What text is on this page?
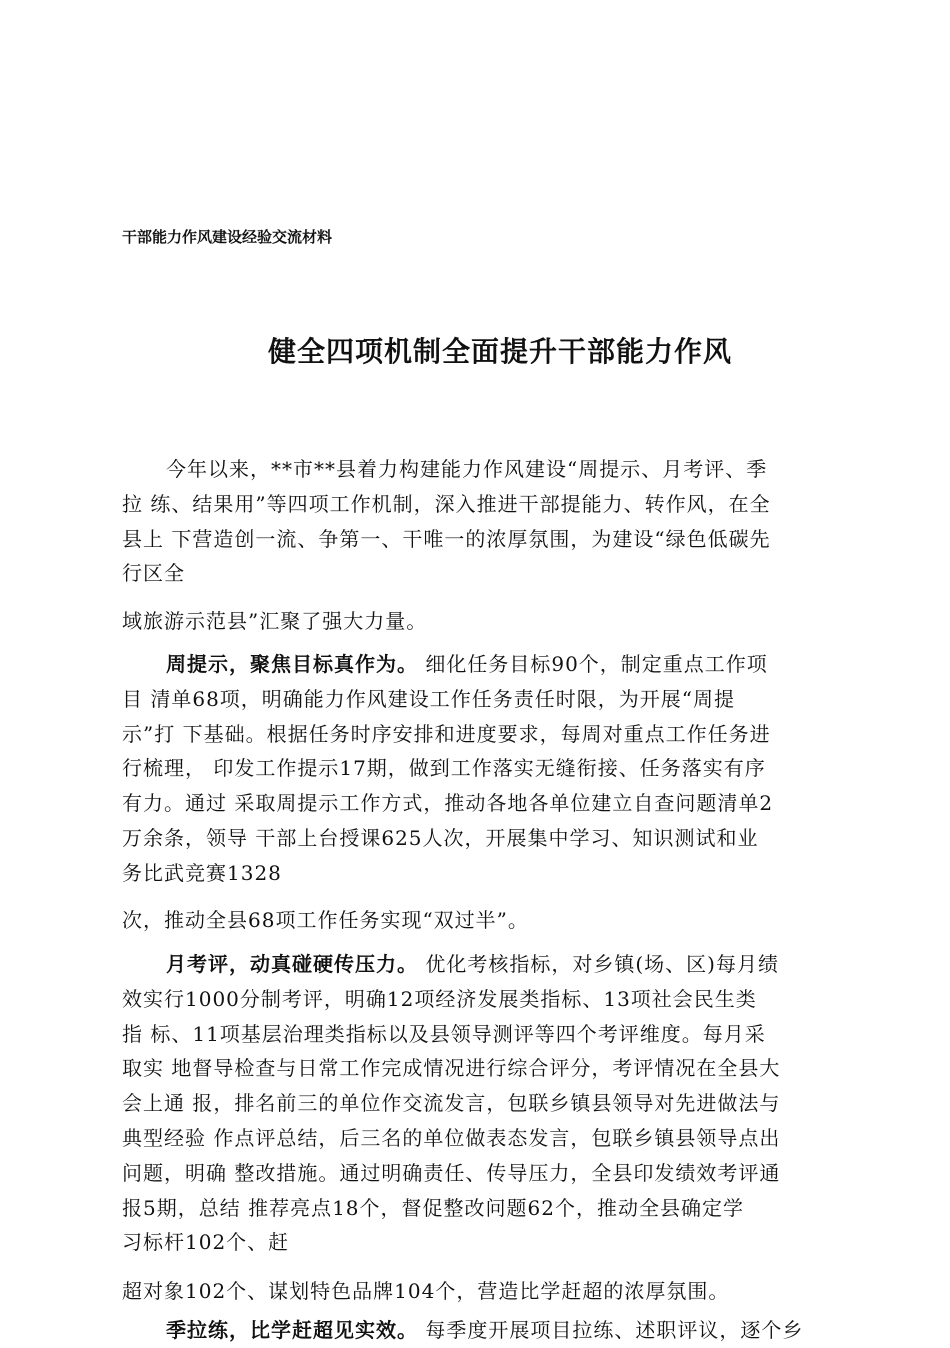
干部能力作风建设经验交流材料
健全四项机制全面提升干部能力作风
今年以来，**市**县着力构建能力作风建设“周提示、月考评、季
拉 练、结果用”等四项工作机制，深入推进干部提能力、转作风，在全
县上 下营造创一流、争第一、干唯一的浓厚氛围，为建设“绿色低碳先
行区全
域旅游示范县”汇聚了强大力量。
周提示，聚焦目标真作为。 细化任务目标90个，制定重点工作项
目 清单68项，明确能力作风建设工作任务责任时限，为开展“周提
示”打 下基础。根据任务时序安排和进度要求，每周对重点工作任务进
行梳理， 印发工作提示17期，做到工作落实无缝衔接、任务落实有序
有力。通过 采取周提示工作方式，推动各地各单位建立自查问题清单2
万余条，领导 干部上台授课625人次，开展集中学习、知识测试和业
务比武竞赛1328
次，推动全县68项工作任务实现“双过半”。
月考评，动真碰硬传压力。 优化考核指标，对乡镇(场、区)每月绩
效实行1000分制考评，明确12项经济发展类指标、13项社会民生类
指 标、11项基层治理类指标以及县领导测评等四个考评维度。每月采
取实 地督导检查与日常工作完成情况进行综合评分，考评情况在全县大
会上通 报，排名前三的单位作交流发言，包联乡镇县领导对先进做法与
典型经验 作点评总结，后三名的单位做表态发言，包联乡镇县领导点出
问题，明确 整改措施。通过明确责任、传导压力，全县印发绩效考评通
报5期，总结 推荐亮点18个，督促整改问题62个，推动全县确定学
习标杆102个、赶
超对象102个、谋划特色品牌104个，营造比学赶超的浓厚氛围。
季拉练，比学赶超见实效。 每季度开展项目拉练、述职评议，逐个乡
